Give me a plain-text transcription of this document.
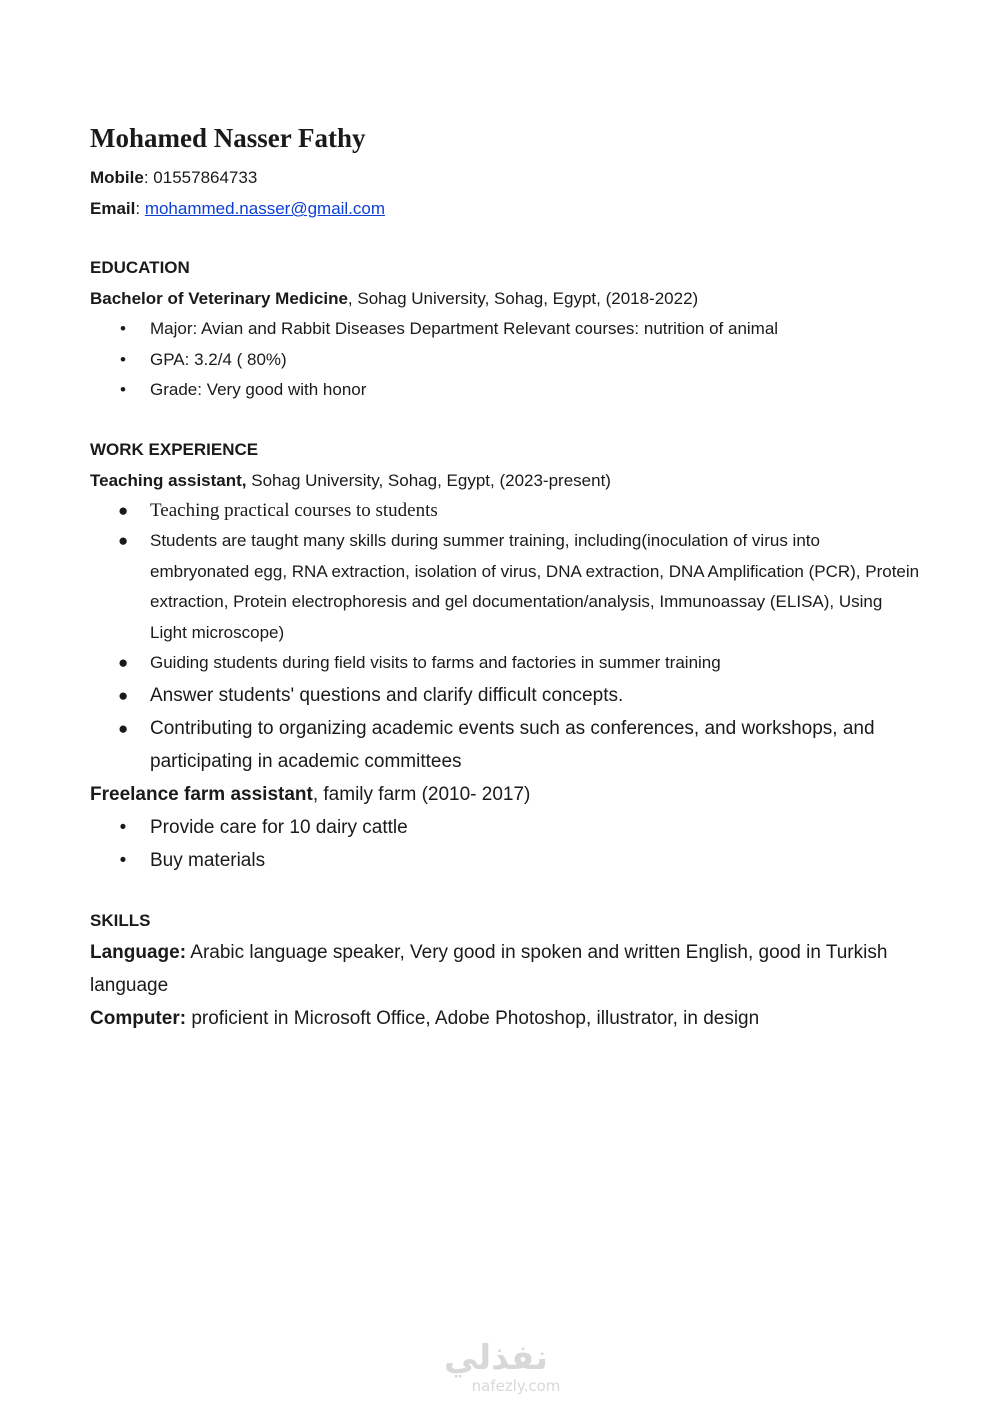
Mohamed Nasser Fathy
Mobile: 01557864733
Email: mohammed.nasser@gmail.com
EDUCATION
Bachelor of Veterinary Medicine, Sohag University, Sohag, Egypt, (2018-2022)
• Major: Avian and Rabbit Diseases Department Relevant courses: nutrition of animal
• GPA: 3.2/4 ( 80%)
• Grade: Very good with honor
WORK EXPERIENCE
Teaching assistant, Sohag University, Sohag, Egypt, (2023-present)
● Teaching practical courses to students
● Students are taught many skills during summer training, including(inoculation of virus into embryonated egg, RNA extraction, isolation of virus, DNA extraction, DNA Amplification (PCR), Protein extraction, Protein electrophoresis and gel documentation/analysis, Immunoassay (ELISA), Using Light microscope)
● Guiding students during field visits to farms and factories in summer training
● Answer students' questions and clarify difficult concepts.
● Contributing to organizing academic events such as conferences, and workshops, and participating in academic committees
Freelance farm assistant, family farm (2010- 2017)
• Provide care for 10 dairy cattle
• Buy materials
SKILLS
Language: Arabic language speaker, Very good in spoken and written English, good in Turkish language
Computer: proficient in Microsoft Office, Adobe Photoshop, illustrator, in design
نفذلي
nafezly.com
